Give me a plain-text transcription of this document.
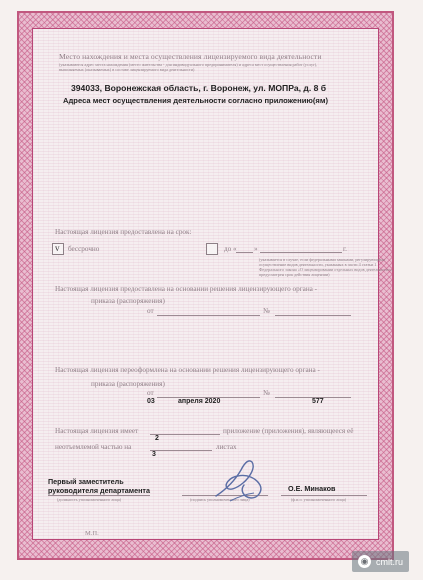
Место нахождения и места осуществления лицензируемого вида деятельности
(указываются адрес места нахождения (место жительства - для индивидуального предпринимателя) и адреса мест осуществления работ (услуг),
выполняемых (оказываемых) в составе лицензируемого вида деятельности)
394033, Воронежская область, г. Воронеж, ул. МОПРа, д. 8 б
Адреса мест осуществления деятельности согласно приложению(ям)
Настоящая лицензия предоставлена на срок:
v бессрочно	до « »	г.
(указывается в случае, если федеральными законами, регулирующими
осуществление видов деятельности, указанных в части 4 статьи 1
Федерального закона «О лицензировании отдельных видов деятельности»,
предусмотрен срок действия лицензии)
Настоящая лицензия предоставлена на основании решения лицензирующего органа -
приказа (распоряжения)
от	№
Настоящая лицензия переоформлена на основании решения лицензирующего органа -
приказа (распоряжения)
от	№
03	апреля 2020	577
Настоящая лицензия имеет	приложение (приложения), являющееся её
2
неотъемлемой частью на	листах
3
Первый заместитель
руководителя департамента	О.Е. Минаков
(должность уполномоченного лица)	(подпись уполномоченного лица)	(ф.и.о. уполномоченного лица)
М.П.
◉ cmlt.ru
